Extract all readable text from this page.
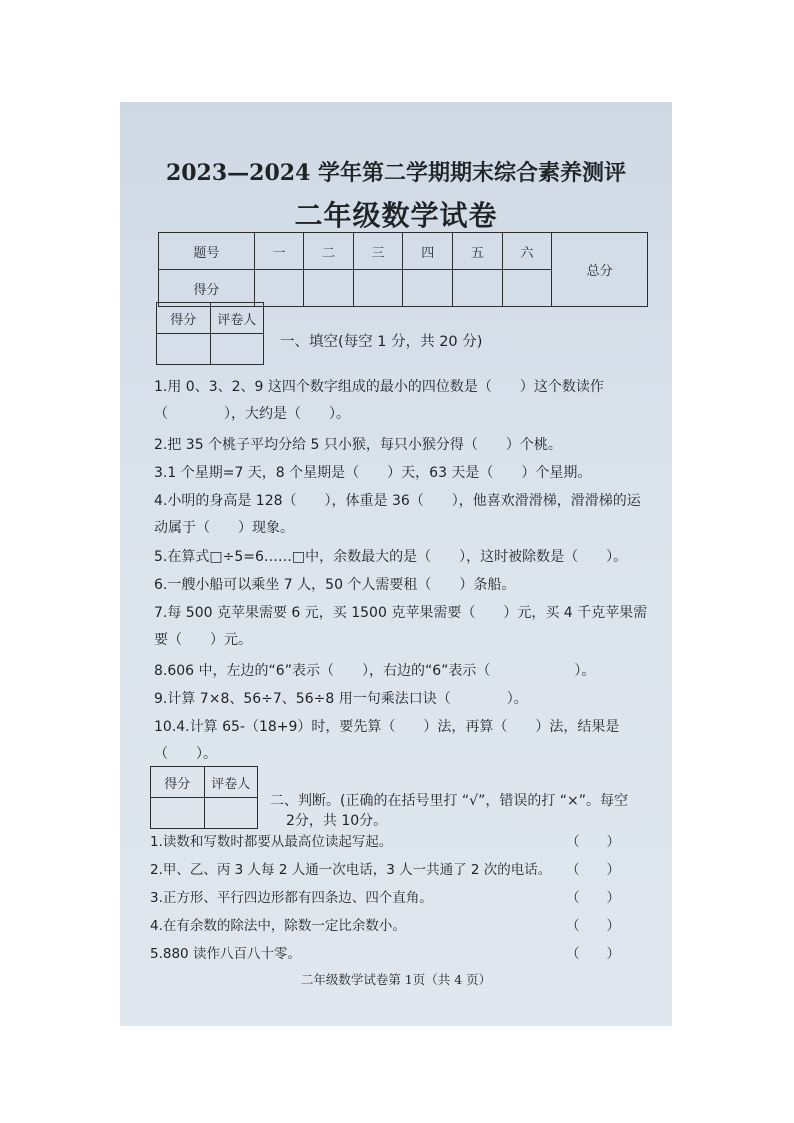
2023—2024 学年第二学期期末综合素养测评
二年级数学试卷
题号	一	二	三	四	五	六	总分
得分							
得分	评卷人

一、填空(每空 1 分，共 20 分)
1.用 0、3、2、9 这四个数字组成的最小的四位数是（　　）这个数读作（　　　　），大约是（　　）。
2.把 35 个桃子平均分给 5 只小猴，每只小猴分得（　　）个桃。
3.1 个星期=7 天，8 个星期是（　　）天，63 天是（　　）个星期。
4.小明的身高是 128（　　），体重是 36（　　），他喜欢滑滑梯，滑滑梯的运动属于（　　）现象。
5.在算式□÷5=6……□中，余数最大的是（　　），这时被除数是（　　）。
6.一艘小船可以乘坐 7 人，50 个人需要租（　　）条船。
7.每 500 克苹果需要 6 元，买 1500 克苹果需要（　　）元，买 4 千克苹果需要（　　）元。
8.606 中，左边的“6”表示（　　），右边的“6”表示（　　　　　　）。
9.计算 7×8、56÷7、56÷8 用一句乘法口诀（　　　　）。
10.4.计算 65-（18+9）时，要先算（　　）法，再算（　　）法，结果是（　　）。
得分	评卷人

二、判断。(正确的在括号里打 “√”，错误的打 “×”。每空
2分，共 10分。
1.读数和写数时都要从最高位读起写起。	（　　）
2.甲、乙、丙 3 人每 2 人通一次电话，3 人一共通了 2 次的电话。 （　　）
3.正方形、平行四边形都有四条边、四个直角。	（　　）
4.在有余数的除法中，除数一定比余数小。	（　　）
5.880 读作八百八十零。	（　　）
二年级数学试卷第 1页（共 4 页）
